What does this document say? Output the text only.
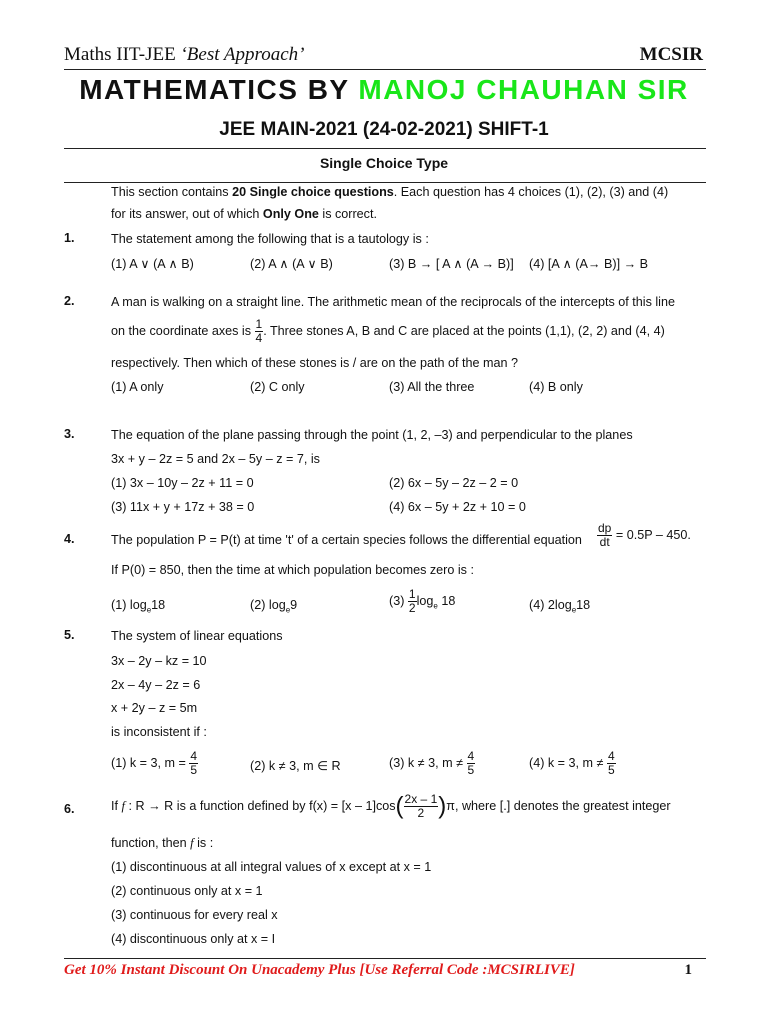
Maths IIT-JEE ‘Best Approach’	MCSIR
MATHEMATICS BY MANOJ CHAUHAN SIR
JEE MAIN-2021 (24-02-2021) SHIFT-1
Single Choice Type
This section contains 20 Single choice questions. Each question has 4 choices (1), (2), (3) and (4)
for its answer, out of which Only One is correct.
1.	The statement among the following that is a tautology is :
(1) A ∨ (A ∧ B)	(2) A ∧ (A ∨ B)	(3) B → [ A ∧ (A → B)] (4) [A ∧ (A→ B)] → B
2.	A man is walking on a straight line. The arithmetic mean of the reciprocals of the intercepts of this line
on the coordinate axes is $\frac{1}{4}$ . Three stones A, B and C are placed at the points (1,1), (2, 2) and (4, 4)
respectively. Then which of these stones is / are on the path of the man ?
(1) A only	(2) C only	(3) All the three	(4) B only
3.	The equation of the plane passing through the point (1, 2, –3) and perpendicular to the planes
3x + y – 2z = 5 and 2x – 5y – z = 7, is
(1) 3x – 10y – 2z + 11 = 0	(2) 6x – 5y – 2z – 2 = 0
(3) 11x + y + 17z + 38 = 0	(4) 6x – 5y + 2z + 10 = 0
4.	The population P = P(t) at time 't' of a certain species follows the differential equation $\frac{dp}{dt} = 0.5P - 450$.
If P(0) = 850, then the time at which population becomes zero is :
(1) $\log_e18$	(2) $\log_e9$	$(3) \frac{1}{2} \log_e 18$	(4) $2\log_e18$
5.	The system of linear equations
3x – 2y – kz = 10
2x – 4y – 2z = 6
x + 2y – z = 5m
is inconsistent if :
(1) k = 3, $m = \frac{4}{5}$	(2) k ≠ 3, m ∈ R	(3) k ≠ 3, $m \ne \frac{4}{5}$	(4) k = 3, $m \ne \frac{4}{5}$
6.	If f : R → R is a function defined by $f(x) = [x - 1]\cos( \frac{2x - 1}{2} )\pi$, where [.] denotes the greatest integer
function, then f is :
(1) discontinuous at all integral values of x except at x = 1
(2) continuous only at x = 1
(3) continuous for every real x
(4) discontinuous only at x = I
Get 10% Instant Discount On Unacademy Plus [Use Referral Code :MCSIRLIVE]	1
